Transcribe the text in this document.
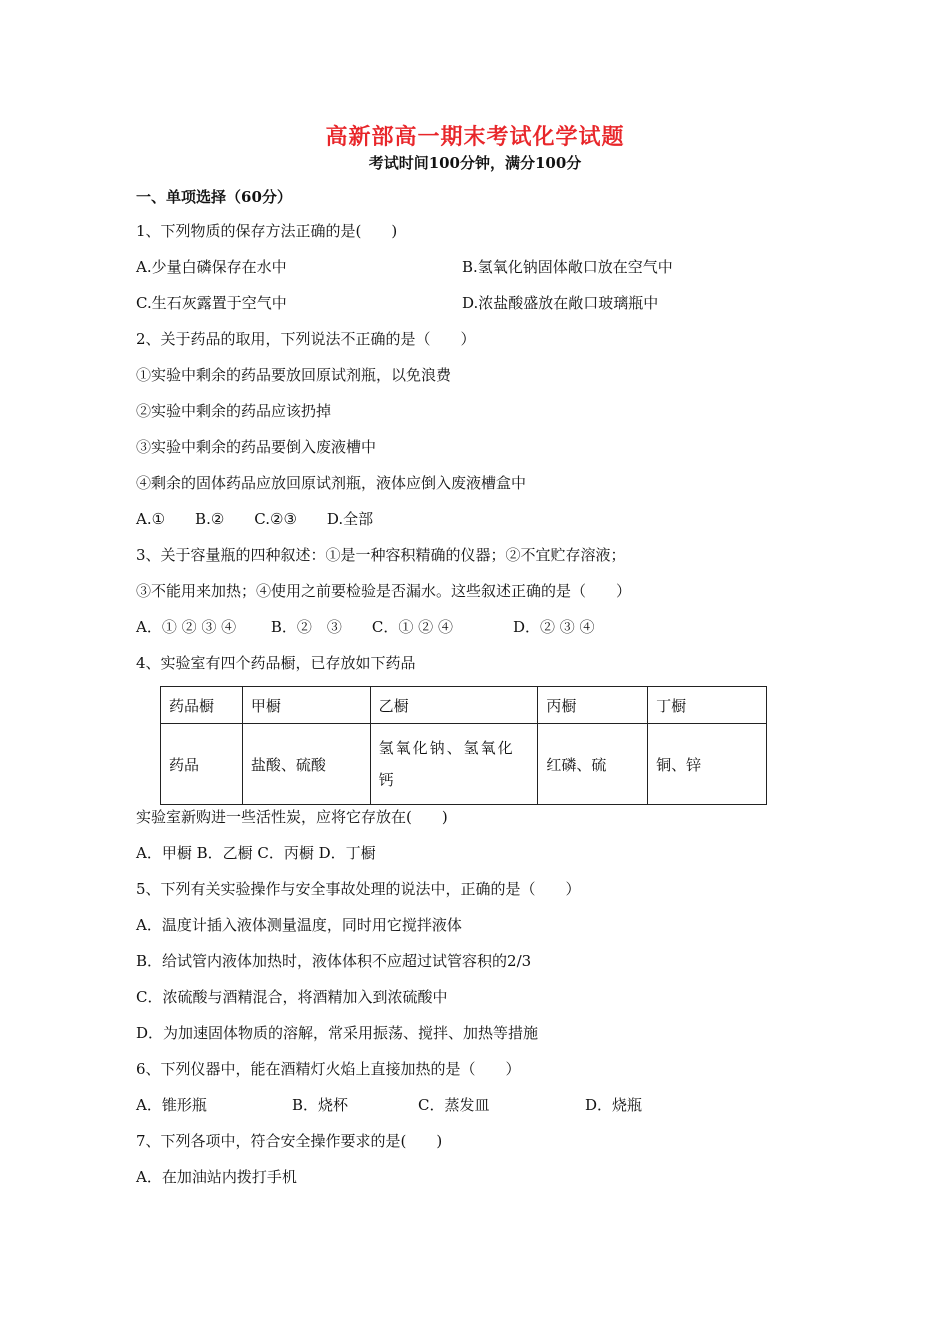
高新部高一期末考试化学试题
考试时间100分钟，满分100分
一、单项选择（60分）
1、下列物质的保存方法正确的是(　　)
A.少量白磷保存在水中	B.氢氧化钠固体敞口放在空气中
C.生石灰露置于空气中	D.浓盐酸盛放在敞口玻璃瓶中
2、关于药品的取用，下列说法不正确的是（　　）
①实验中剩余的药品要放回原试剂瓶，以免浪费
②实验中剩余的药品应该扔掉
③实验中剩余的药品要倒入废液槽中
④剩余的固体药品应放回原试剂瓶，液体应倒入废液槽盒中
A.①　　B.②　　C.②③　　D.全部
3、关于容量瓶的四种叙述：①是一种容积精确的仪器；②不宜贮存溶液；
③不能用来加热；④使用之前要检验是否漏水。这些叙述正确的是（　　）
A．① ② ③ ④　　 B．②　③　　C．① ② ④　　　　D．② ③ ④
4、实验室有四个药品橱，已存放如下药品
药品橱	甲橱	乙橱	丙橱	丁橱
药品	盐酸、硫酸	氢氧化钠、氢氧化钙	红磷、硫	铜、锌
实验室新购进一些活性炭，应将它存放在(　　)
A．甲橱 B．乙橱 C．丙橱 D．丁橱
5、下列有关实验操作与安全事故处理的说法中，正确的是（　　）
A．温度计插入液体测量温度，同时用它搅拌液体
B．给试管内液体加热时，液体体积不应超过试管容积的2/3
C．浓硫酸与酒精混合，将酒精加入到浓硫酸中
D．为加速固体物质的溶解，常采用振荡、搅拌、加热等措施
6、下列仪器中，能在酒精灯火焰上直接加热的是（　　）
A．锥形瓶	B．烧杯	C．蒸发皿	D．烧瓶
7、下列各项中，符合安全操作要求的是(　　)
A．在加油站内拨打手机
